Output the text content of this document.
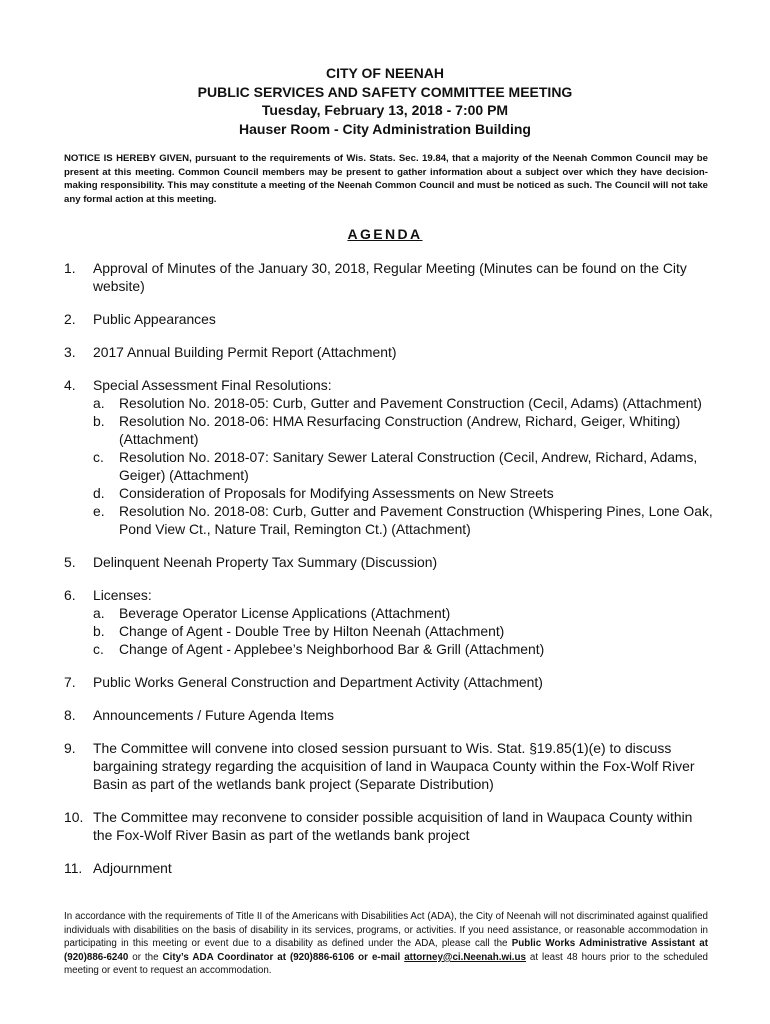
CITY OF NEENAH
PUBLIC SERVICES AND SAFETY COMMITTEE MEETING
Tuesday, February 13, 2018 - 7:00 PM
Hauser Room - City Administration Building
NOTICE IS HEREBY GIVEN, pursuant to the requirements of Wis. Stats. Sec. 19.84, that a majority of the Neenah Common Council may be present at this meeting. Common Council members may be present to gather information about a subject over which they have decision-making responsibility. This may constitute a meeting of the Neenah Common Council and must be noticed as such. The Council will not take any formal action at this meeting.
AGENDA
1. Approval of Minutes of the January 30, 2018, Regular Meeting (Minutes can be found on the City website)
2. Public Appearances
3. 2017 Annual Building Permit Report (Attachment)
4. Special Assessment Final Resolutions:
a. Resolution No. 2018-05: Curb, Gutter and Pavement Construction (Cecil, Adams) (Attachment)
b. Resolution No. 2018-06: HMA Resurfacing Construction (Andrew, Richard, Geiger, Whiting) (Attachment)
c. Resolution No. 2018-07: Sanitary Sewer Lateral Construction (Cecil, Andrew, Richard, Adams, Geiger) (Attachment)
d. Consideration of Proposals for Modifying Assessments on New Streets
e. Resolution No. 2018-08: Curb, Gutter and Pavement Construction (Whispering Pines, Lone Oak, Pond View Ct., Nature Trail, Remington Ct.) (Attachment)
5. Delinquent Neenah Property Tax Summary (Discussion)
6. Licenses:
a. Beverage Operator License Applications (Attachment)
b. Change of Agent - Double Tree by Hilton Neenah (Attachment)
c. Change of Agent - Applebee’s Neighborhood Bar & Grill (Attachment)
7. Public Works General Construction and Department Activity (Attachment)
8. Announcements / Future Agenda Items
9. The Committee will convene into closed session pursuant to Wis. Stat. §19.85(1)(e) to discuss bargaining strategy regarding the acquisition of land in Waupaca County within the Fox-Wolf River Basin as part of the wetlands bank project (Separate Distribution)
10. The Committee may reconvene to consider possible acquisition of land in Waupaca County within the Fox-Wolf River Basin as part of the wetlands bank project
11. Adjournment
In accordance with the requirements of Title II of the Americans with Disabilities Act (ADA), the City of Neenah will not discriminated against qualified individuals with disabilities on the basis of disability in its services, programs, or activities. If you need assistance, or reasonable accommodation in participating in this meeting or event due to a disability as defined under the ADA, please call the Public Works Administrative Assistant at (920)886-6240 or the City’s ADA Coordinator at (920)886-6106 or e-mail attorney@ci.Neenah.wi.us at least 48 hours prior to the scheduled meeting or event to request an accommodation.
